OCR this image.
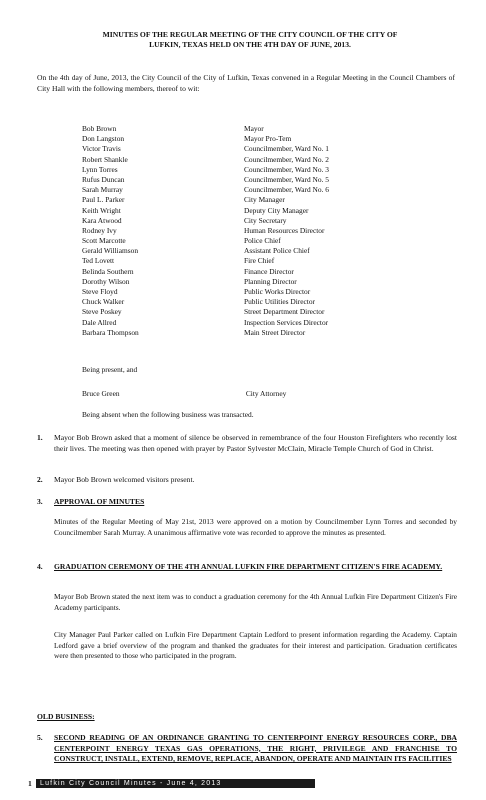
MINUTES OF THE REGULAR MEETING OF THE CITY COUNCIL OF THE CITY OF
LUFKIN, TEXAS HELD ON THE 4TH DAY OF JUNE, 2013.
On the 4th day of June, 2013, the City Council of the City of Lufkin, Texas convened in a Regular Meeting in the Council Chambers of City Hall with the following members, thereof to wit:
Bob Brown	Mayor
Don Langston	Mayor Pro-Tem
Victor Travis	Councilmember, Ward No. 1
Robert Shankle	Councilmember, Ward No. 2
Lynn Torres	Councilmember, Ward No. 3
Rufus Duncan	Councilmember, Ward No. 5
Sarah Murray	Councilmember, Ward No. 6
Paul L. Parker	City Manager
Keith Wright	Deputy City Manager
Kara Atwood	City Secretary
Rodney Ivy	Human Resources Director
Scott Marcotte	Police Chief
Gerald Williamson	Assistant Police Chief
Ted Lovett	Fire Chief
Belinda Southern	Finance Director
Dorothy Wilson	Planning Director
Steve Floyd	Public Works Director
Chuck Walker	Public Utilities Director
Steve Poskey	Street Department Director
Dale Allred	Inspection Services Director
Barbara Thompson	Main Street Director
Being present, and
Bruce Green	City Attorney
Being absent when the following business was transacted.
1.	Mayor Bob Brown asked that a moment of silence be observed in remembrance of the four Houston Firefighters who recently lost their lives. The meeting was then opened with prayer by Pastor Sylvester McClain, Miracle Temple Church of God in Christ.
2.	Mayor Bob Brown welcomed visitors present.
3.	APPROVAL OF MINUTES
Minutes of the Regular Meeting of May 21st, 2013 were approved on a motion by Councilmember Lynn Torres and seconded by Councilmember Sarah Murray. A unanimous affirmative vote was recorded to approve the minutes as presented.
4.	GRADUATION CEREMONY OF THE 4TH ANNUAL LUFKIN FIRE DEPARTMENT CITIZEN'S FIRE ACADEMY.
Mayor Bob Brown stated the next item was to conduct a graduation ceremony for the 4th Annual Lufkin Fire Department Citizen's Fire Academy participants.
City Manager Paul Parker called on Lufkin Fire Department Captain Ledford to present information regarding the Academy. Captain Ledford gave a brief overview of the program and thanked the graduates for their interest and participation. Graduation certificates were then presented to those who participated in the program.
OLD BUSINESS:
5.	SECOND READING OF AN ORDINANCE GRANTING TO CENTERPOINT ENERGY RESOURCES CORP., DBA CENTERPOINT ENERGY TEXAS GAS OPERATIONS, THE RIGHT, PRIVILEGE AND FRANCHISE TO CONSTRUCT, INSTALL, EXTEND, REMOVE, REPLACE, ABANDON, OPERATE AND MAINTAIN ITS FACILITIES
1	Lufkin City Council Minutes - June 4, 2013
